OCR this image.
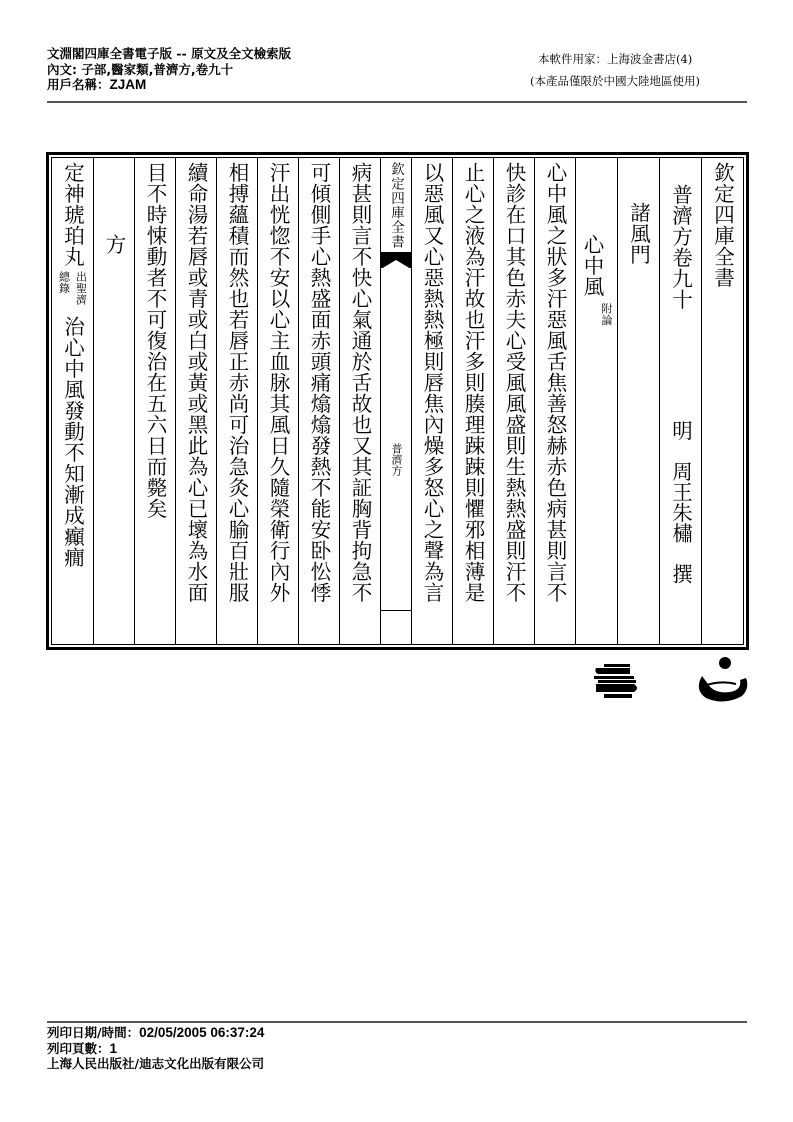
文淵閣四庫全書電子版 -- 原文及全文檢索版
內文: 子部,醫家類,普濟方,卷九十
用戶名稱：ZJAM
本軟件用家：上海波金書店(4)
(本產品僅限於中國大陸地區使用)
欽定四庫全書
普濟方卷九十
明　周王朱橚　撰
諸風門
附論
心中風
心中風之狀多汗惡風舌焦善怒赫赤色病甚則言不
快診在口其色赤夫心受風風盛則生熱熱盛則汗不
止心之液為汗故也汗多則腠理踈踈則懼邪相薄是
以惡風又心惡熱熱極則唇焦內燥多怒心之聲為言
欽定四庫全書
普濟方
病甚則言不快心氣通於舌故也又其証胸背拘急不
可傾側手心熱盛面赤頭痛熻熻發熱不能安卧忪悸
汗出恍惚不安以心主血脉其風日久隨榮衛行內外
相搏蘊積而然也若唇正赤尚可治急灸心腧百壯服
續命湯若唇或青或白或黃或黑此為心已壞為水面
目不時悚動者不可復治在五六日而斃矣
方
定神琥珀丸
出聖濟
總錄
治心中風發動不知漸成癲癇
列印日期/時間：02/05/2005 06:37:24
列印頁數：1
上海人民出版社/迪志文化出版有限公司
